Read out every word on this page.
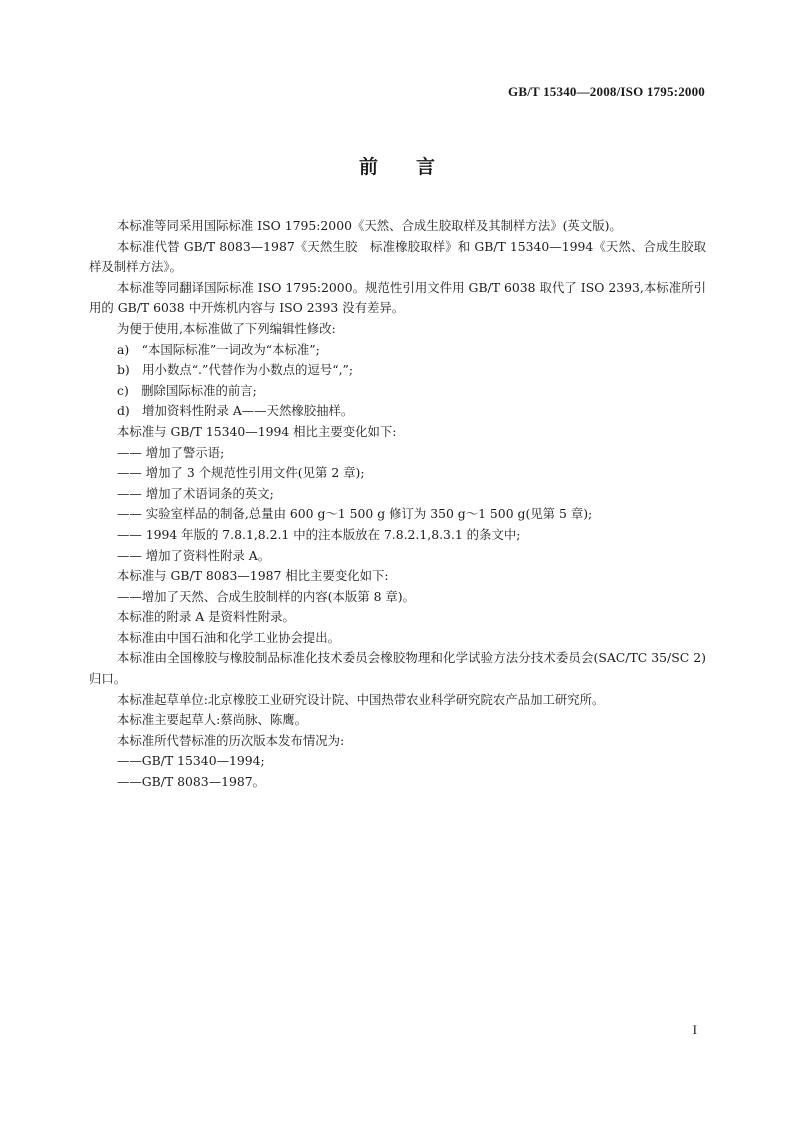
GB/T 15340—2008/ISO 1795:2000
前言

本标准等同采用国际标准 ISO 1795:2000《天然、合成生胶取样及其制样方法》(英文版)。

本标准代替 GB/T 8083—1987《天然生胶　标准橡胶取样》和 GB/T 15340—1994《天然、合成生胶取样及制样方法》。

本标准等同翻译国际标准 ISO 1795:2000。规范性引用文件用 GB/T 6038 取代了 ISO 2393,本标准所引用的 GB/T 6038 中开炼机内容与 ISO 2393 没有差异。

为便于使用,本标准做了下列编辑性修改:

a)　“本国际标准”一词改为“本标准”;

b)　用小数点“.”代替作为小数点的逗号“,”;

c)　删除国际标准的前言;

d)　增加资料性附录 A——天然橡胶抽样。

本标准与 GB/T 15340—1994 相比主要变化如下:

—— 增加了警示语;

—— 增加了 3 个规范性引用文件(见第 2 章);

—— 增加了术语词条的英文;

—— 实验室样品的制备,总量由 600 g～1 500 g 修订为 350 g～1 500 g(见第 5 章);

—— 1994 年版的 7.8.1,8.2.1 中的注本版放在 7.8.2.1,8.3.1 的条文中;

—— 增加了资料性附录 A。

本标准与 GB/T 8083—1987 相比主要变化如下:

——增加了天然、合成生胶制样的内容(本版第 8 章)。

本标准的附录 A 是资料性附录。

本标准由中国石油和化学工业协会提出。

本标准由全国橡胶与橡胶制品标准化技术委员会橡胶物理和化学试验方法分技术委员会(SAC/TC 35/SC 2)归口。

本标准起草单位:北京橡胶工业研究设计院、中国热带农业科学研究院农产品加工研究所。

本标准主要起草人:蔡尚脉、陈鹰。

本标准所代替标准的历次版本发布情况为:

——GB/T 15340—1994;

——GB/T 8083—1987。

I
